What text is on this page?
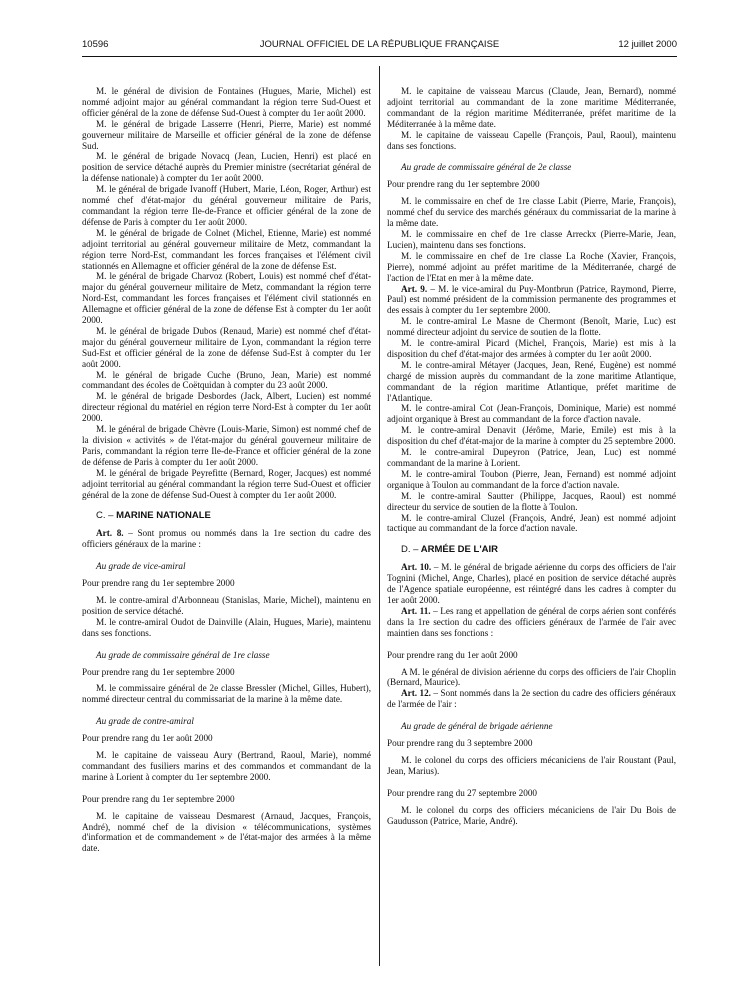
10596	JOURNAL OFFICIEL DE LA RÉPUBLIQUE FRANÇAISE	12 juillet 2000

M. le général de division de Fontaines (Hugues, Marie, Michel) est nommé adjoint major au général commandant la région terre Sud-Ouest et officier général de la zone de défense Sud-Ouest à compter du 1er août 2000.

M. le général de brigade Lasserre (Henri, Pierre, Marie) est nommé gouverneur militaire de Marseille et officier général de la zone de défense Sud.

M. le général de brigade Novacq (Jean, Lucien, Henri) est placé en position de service détaché auprès du Premier ministre (secrétariat général de la défense nationale) à compter du 1er août 2000.

M. le général de brigade Ivanoff (Hubert, Marie, Léon, Roger, Arthur) est nommé chef d'état-major du général gouverneur militaire de Paris, commandant la région terre Ile-de-France et officier général de la zone de défense de Paris à compter du 1er août 2000.

M. le général de brigade de Colnet (Michel, Etienne, Marie) est nommé adjoint territorial au général gouverneur militaire de Metz, commandant la région terre Nord-Est, commandant les forces françaises et l'élément civil stationnés en Allemagne et officier général de la zone de défense Est.

M. le général de brigade Charvoz (Robert, Louis) est nommé chef d'état-major du général gouverneur militaire de Metz, commandant la région terre Nord-Est, commandant les forces françaises et l'élément civil stationnés en Allemagne et officier général de la zone de défense Est à compter du 1er août 2000.

M. le général de brigade Dubos (Renaud, Marie) est nommé chef d'état-major du général gouverneur militaire de Lyon, commandant la région terre Sud-Est et officier général de la zone de défense Sud-Est à compter du 1er août 2000.

M. le général de brigade Cuche (Bruno, Jean, Marie) est nommé commandant des écoles de Coëtquidan à compter du 23 août 2000.

M. le général de brigade Desbordes (Jack, Albert, Lucien) est nommé directeur régional du matériel en région terre Nord-Est à compter du 1er août 2000.

M. le général de brigade Chèvre (Louis-Marie, Simon) est nommé chef de la division « activités » de l'état-major du général gouverneur militaire de Paris, commandant la région terre Ile-de-France et officier général de la zone de défense de Paris à compter du 1er août 2000.

M. le général de brigade Peyrefitte (Bernard, Roger, Jacques) est nommé adjoint territorial au général commandant la région terre Sud-Ouest et officier général de la zone de défense Sud-Ouest à compter du 1er août 2000.

C. – MARINE NATIONALE

Art. 8. – Sont promus ou nommés dans la 1re section du cadre des officiers généraux de la marine :

Au grade de vice-amiral

Pour prendre rang du 1er septembre 2000

M. le contre-amiral d'Arbonneau (Stanislas, Marie, Michel), maintenu en position de service détaché.

M. le contre-amiral Oudot de Dainville (Alain, Hugues, Marie), maintenu dans ses fonctions.

Au grade de commissaire général de 1re classe

Pour prendre rang du 1er septembre 2000

M. le commissaire général de 2e classe Bressler (Michel, Gilles, Hubert), nommé directeur central du commissariat de la marine à la même date.

Au grade de contre-amiral

Pour prendre rang du 1er août 2000

M. le capitaine de vaisseau Aury (Bertrand, Raoul, Marie), nommé commandant des fusiliers marins et des commandos et commandant de la marine à Lorient à compter du 1er septembre 2000.

Pour prendre rang du 1er septembre 2000

M. le capitaine de vaisseau Desmarest (Arnaud, Jacques, François, André), nommé chef de la division « télécommunications, systèmes d'information et de commandement » de l'état-major des armées à la même date.

M. le capitaine de vaisseau Marcus (Claude, Jean, Bernard), nommé adjoint territorial au commandant de la zone maritime Méditerranée, commandant de la région maritime Méditerranée, préfet maritime de la Méditerranée à la même date.

M. le capitaine de vaisseau Capelle (François, Paul, Raoul), maintenu dans ses fonctions.

Au grade de commissaire général de 2e classe

Pour prendre rang du 1er septembre 2000

M. le commissaire en chef de 1re classe Labit (Pierre, Marie, François), nommé chef du service des marchés généraux du commissariat de la marine à la même date.

M. le commissaire en chef de 1re classe Arreckx (Pierre-Marie, Jean, Lucien), maintenu dans ses fonctions.

M. le commissaire en chef de 1re classe La Roche (Xavier, François, Pierre), nommé adjoint au préfet maritime de la Méditerranée, chargé de l'action de l'Etat en mer à la même date.

Art. 9. – M. le vice-amiral du Puy-Montbrun (Patrice, Raymond, Pierre, Paul) est nommé président de la commission permanente des programmes et des essais à compter du 1er septembre 2000.

M. le contre-amiral Le Masne de Chermont (Benoît, Marie, Luc) est nommé directeur adjoint du service de soutien de la flotte.

M. le contre-amiral Picard (Michel, François, Marie) est mis à la disposition du chef d'état-major des armées à compter du 1er août 2000.

M. le contre-amiral Métayer (Jacques, Jean, René, Eugène) est nommé chargé de mission auprès du commandant de la zone maritime Atlantique, commandant de la région maritime Atlantique, préfet maritime de l'Atlantique.

M. le contre-amiral Cot (Jean-François, Dominique, Marie) est nommé adjoint organique à Brest au commandant de la force d'action navale.

M. le contre-amiral Denavit (Jérôme, Marie, Emile) est mis à la disposition du chef d'état-major de la marine à compter du 25 septembre 2000.

M. le contre-amiral Dupeyron (Patrice, Jean, Luc) est nommé commandant de la marine à Lorient.

M. le contre-amiral Toubon (Pierre, Jean, Fernand) est nommé adjoint organique à Toulon au commandant de la force d'action navale.

M. le contre-amiral Sautter (Philippe, Jacques, Raoul) est nommé directeur du service de soutien de la flotte à Toulon.

M. le contre-amiral Cluzel (François, André, Jean) est nommé adjoint tactique au commandant de la force d'action navale.

D. – ARMÉE DE L'AIR

Art. 10. – M. le général de brigade aérienne du corps des officiers de l'air Tognini (Michel, Ange, Charles), placé en position de service détaché auprès de l'Agence spatiale européenne, est réintégré dans les cadres à compter du 1er août 2000.

Art. 11. – Les rang et appellation de général de corps aérien sont conférés dans la 1re section du cadre des officiers généraux de l'armée de l'air avec maintien dans ses fonctions :

Pour prendre rang du 1er août 2000

A M. le général de division aérienne du corps des officiers de l'air Choplin (Bernard, Maurice).

Art. 12. – Sont nommés dans la 2e section du cadre des officiers généraux de l'armée de l'air :

Au grade de général de brigade aérienne

Pour prendre rang du 3 septembre 2000

M. le colonel du corps des officiers mécaniciens de l'air Roustant (Paul, Jean, Marius).

Pour prendre rang du 27 septembre 2000

M. le colonel du corps des officiers mécaniciens de l'air Du Bois de Gaudusson (Patrice, Marie, André).
